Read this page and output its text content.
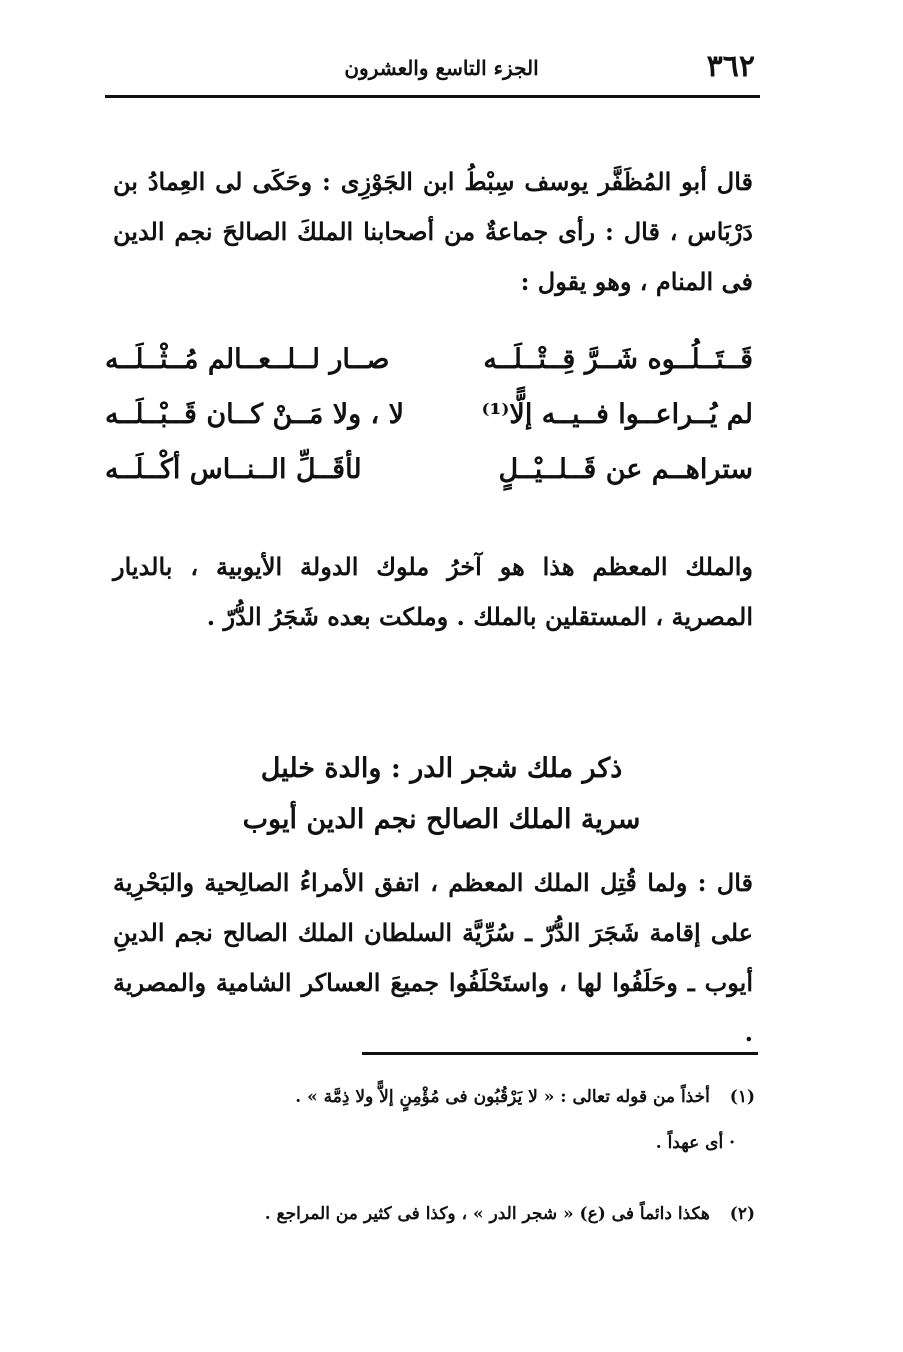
٣٦٢
الجزء التاسع والعشرون
قال أبو المُظَفَّر يوسف سِبْطُ ابن الجَوْزِى : وحَكَى لى العِمادُ بن دَرْبَاس ، قال : رأى جماعةٌ من أصحابنا الملكَ الصالحَ نجم الدين فى المنام ، وهو يقول :
قَــتَــلُــوه شَــرَّ قِــتْــلَــه
صــار لــلــعــالم مُــثْــلَــه
لم يُــراعــوا فــيــه إلًّا⁽¹⁾
لا ، ولا مَــنْ كــان قَــبْــلَــه
ستراهــم عن قَــلــيْــلٍ
لأقَــلِّ الــنــاس أكْــلَــه
والملك المعظم هذا هو آخرُ ملوك الدولة الأيوبية ، بالديار المصرية ، المستقلين بالملك . وملكت بعده شَجَرُ الدُّرّ .
ذكر ملك شجر الدر : والدة خليل
سرية الملك الصالح نجم الدين أيوب
قال : ولما قُتِل الملك المعظم ، اتفق الأمراءُ الصالِحية والبَحْرِية على إقامة شَجَرَ الدُّرّ ـ سُرِّيَّة السلطان الملك الصالح نجم الدينِ أيوب ـ وحَلَفُوا لها ، واستَحْلَفُوا جميعَ العساكر الشامية والمصرية .
(١) أخذاً من قوله تعالى : « لا يَرْقُبُون فى مُؤْمِنٍ إلاًّ ولا ذِمَّة » .
· أى عهداً .
(٢) هكذا دائماً فى (ع) « شجر الدر » ، وكذا فى كثير من المراجع .
